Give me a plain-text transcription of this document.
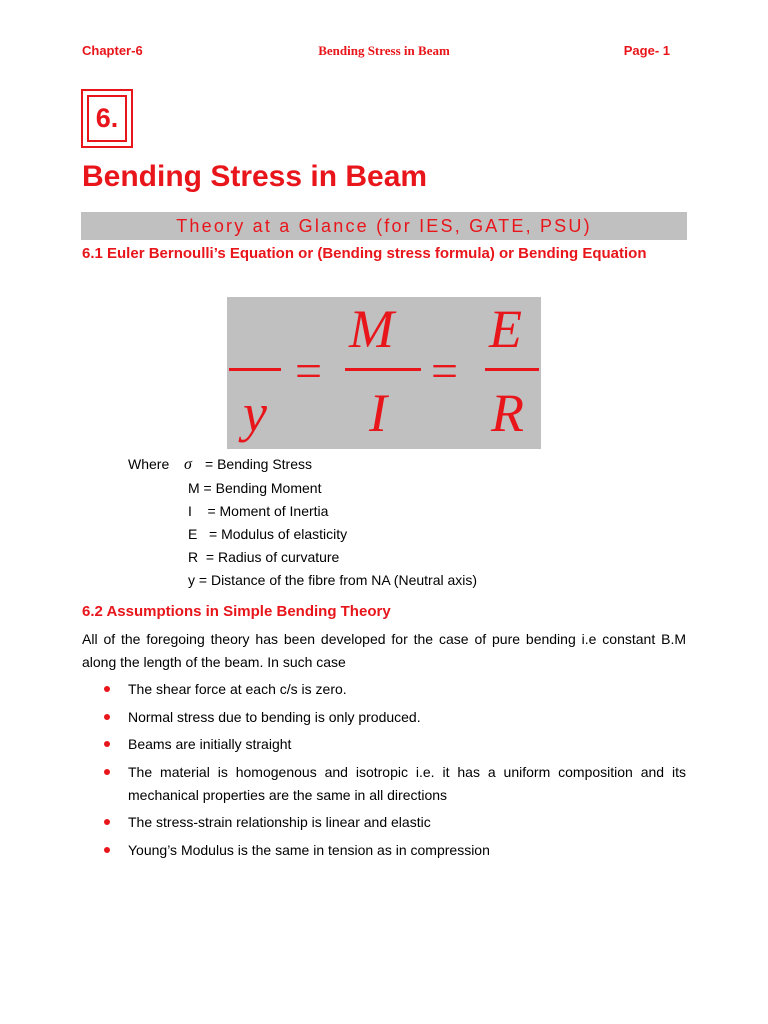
Chapter-6	Bending Stress in Beam	Page- 1
6.
Bending Stress in Beam
Theory at a Glance (for IES, GATE, PSU)
6.1 Euler Bernoulli’s Equation or (Bending stress formula) or Bending Equation
y
=
M
I
=
E
R
Where σ = Bending Stress
M = Bending Moment
I    = Moment of Inertia
E   = Modulus of elasticity
R  = Radius of curvature
y = Distance of the fibre from NA (Neutral axis)
6.2 Assumptions in Simple Bending Theory
All of the foregoing theory has been developed for the case of pure bending i.e constant B.M along the length of the beam. In such case
The shear force at each c/s is zero.
Normal stress due to bending is only produced.
Beams are initially straight
The material is homogenous and isotropic i.e. it has a uniform composition and its mechanical properties are the same in all directions
The stress-strain relationship is linear and elastic
Young’s Modulus is the same in tension as in compression
